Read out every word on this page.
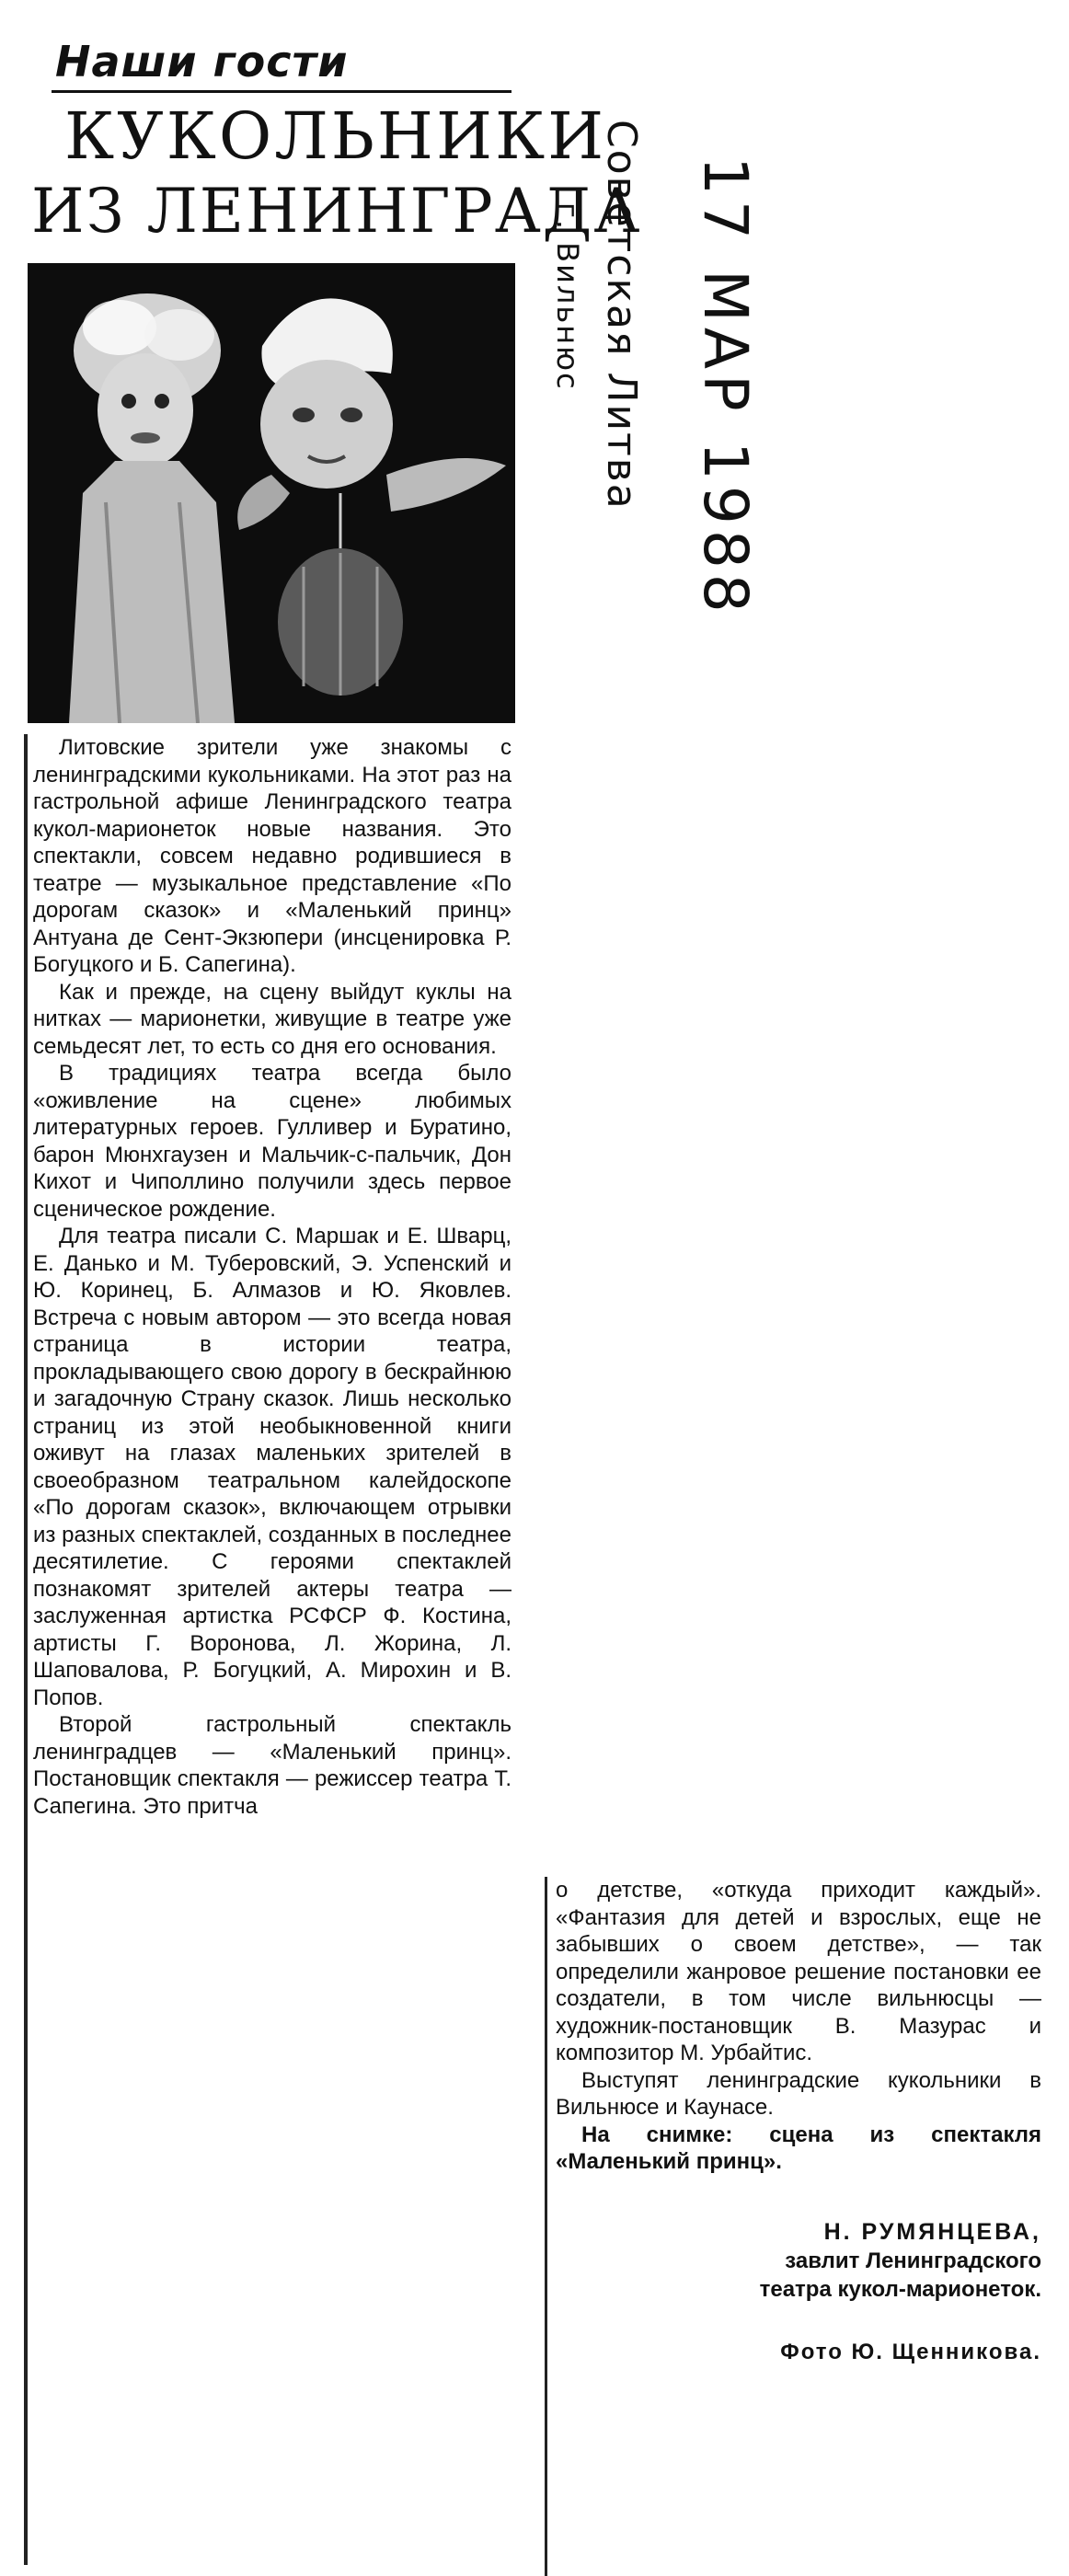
Наши гости
КУКОЛЬНИКИ
ИЗ ЛЕНИНГРАДА 17 МАР 1988
Советская Литва
г. Вильнюс

Литовские зрители уже знакомы с ленинградскими кукольниками. На этот раз на гастрольной афише Ленинградского театра кукол-марионеток новые названия. Это спектакли, совсем недавно родившиеся в театре — музыкальное представление «По дорогам сказок» и «Маленький принц» Антуана де Сент-Экзюпери (инсценировка Р. Богуцкого и Б. Сапегина).

Как и прежде, на сцену выйдут куклы на нитках — марионетки, живущие в театре уже семьдесят лет, то есть со дня его основания.

В традициях театра всегда было «оживление на сцене» любимых литературных героев. Гулливер и Буратино, барон Мюнхгаузен и Мальчик-с-пальчик, Дон Кихот и Чиполлино получили здесь первое сценическое рождение.

Для театра писали С. Маршак и Е. Шварц, Е. Данько и М. Туберовский, Э. Успенский и Ю. Коринец, Б. Алмазов и Ю. Яковлев. Встреча с новым автором — это всегда новая страница в истории театра, прокладывающего свою дорогу в бескрайнюю и загадочную Страну сказок. Лишь несколько страниц из этой необыкновенной книги оживут на глазах маленьких зрителей в своеобразном театральном калейдоскопе «По дорогам сказок», включающем отрывки из разных спектаклей, созданных в последнее десятилетие. С героями спектаклей познакомят зрителей актеры театра — заслуженная артистка РСФСР Ф. Костина, артисты Г. Воронова, Л. Жорина, Л. Шаповалова, Р. Богуцкий, А. Мирохин и В. Попов.

Второй гастрольный спектакль ленинградцев — «Маленький принц». Постановщик спектакля — режиссер театра Т. Сапегина. Это притча

о детстве, «откуда приходит каждый». «Фантазия для детей и взрослых, еще не забывших о своем детстве», — так определили жанровое решение постановки ее создатели, в том числе вильнюсцы — художник-постановщик В. Мазурас и композитор М. Урбайтис.

Выступят ленинградские кукольники в Вильнюсе и Каунасе.

На снимке: сцена из спектакля «Маленький принц».

Н. РУМЯНЦЕВА,
завлит Ленинградского
театра кукол-марионеток.
Фото Ю. Щенникова.
